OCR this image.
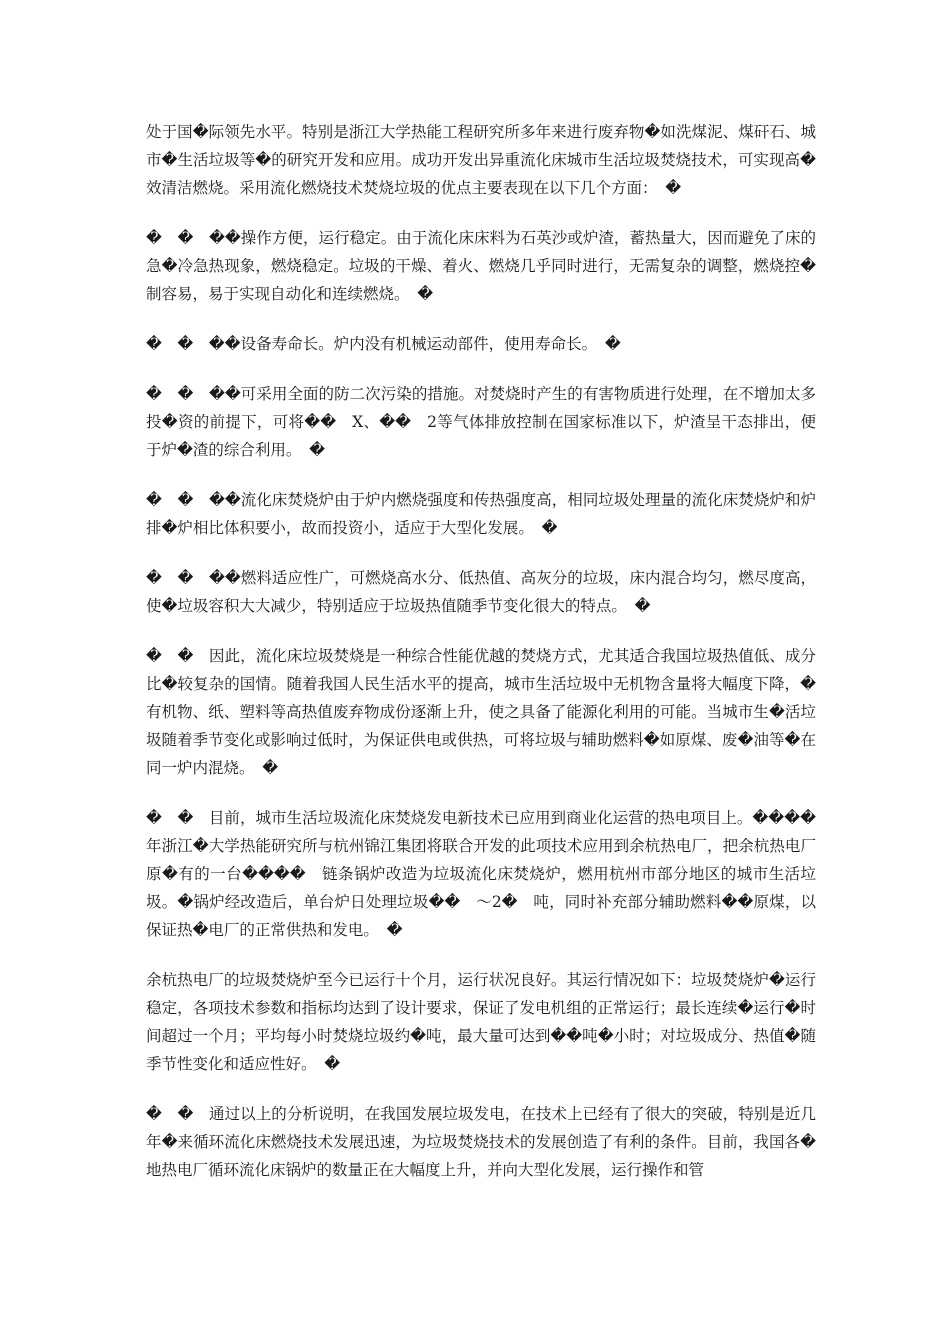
处于国�际领先水平。特别是浙江大学热能工程研究所多年来进行废弃物�如洗煤泥、煤矸石、城市�生活垃圾等�的研究开发和应用。成功开发出异重流化床城市生活垃圾焚烧技术，可实现高�效清洁燃烧。采用流化燃烧技术焚烧垃圾的优点主要表现在以下几个方面：　�

�　�　��操作方便，运行稳定。由于流化床床料为石英沙或炉渣，蓄热量大，因而避免了床的急�冷急热现象，燃烧稳定。垃圾的干燥、着火、燃烧几乎同时进行，无需复杂的调整，燃烧控�制容易，易于实现自动化和连续燃烧。　�

�　�　��设备寿命长。炉内没有机械运动部件，使用寿命长。　�

�　�　��可采用全面的防二次污染的措施。对焚烧时产生的有害物质进行处理，在不增加太多投�资的前提下，可将��　X、��　2等气体排放控制在国家标准以下，炉渣呈干态排出，便于炉�渣的综合利用。　�

�　�　��流化床焚烧炉由于炉内燃烧强度和传热强度高，相同垃圾处理量的流化床焚烧炉和炉排�炉相比体积要小，故而投资小，适应于大型化发展。　�

�　�　��燃料适应性广，可燃烧高水分、低热值、高灰分的垃圾，床内混合均匀，燃尽度高，使�垃圾容积大大减少，特别适应于垃圾热值随季节变化很大的特点。　�

�　�　因此，流化床垃圾焚烧是一种综合性能优越的焚烧方式，尤其适合我国垃圾热值低、成分比�较复杂的国情。随着我国人民生活水平的提高，城市生活垃圾中无机物含量将大幅度下降，�有机物、纸、塑料等高热值废弃物成份逐渐上升，使之具备了能源化利用的可能。当城市生�活垃圾随着季节变化或影响过低时，为保证供电或供热，可将垃圾与辅助燃料�如原煤、废�油等�在同一炉内混烧。　�

�　�　目前，城市生活垃圾流化床焚烧发电新技术已应用到商业化运营的热电项目上。����年浙江�大学热能研究所与杭州锦江集团将联合开发的此项技术应用到余杭热电厂，把余杭热电厂原�有的一台����　链条锅炉改造为垃圾流化床焚烧炉，燃用杭州市部分地区的城市生活垃圾。�锅炉经改造后，单台炉日处理垃圾��　～2�　吨，同时补充部分辅助燃料��原煤，以保证热�电厂的正常供热和发电。　�

余杭热电厂的垃圾焚烧炉至今已运行十个月，运行状况良好。其运行情况如下：垃圾焚烧炉�运行稳定，各项技术参数和指标均达到了设计要求，保证了发电机组的正常运行；最长连续�运行�时间超过一个月；平均每小时焚烧垃圾约�吨，最大量可达到��吨�小时；对垃圾成分、热值�随季节性变化和适应性好。　�

�　�　通过以上的分析说明，在我国发展垃圾发电，在技术上已经有了很大的突破，特别是近几年�来循环流化床燃烧技术发展迅速，为垃圾焚烧技术的发展创造了有利的条件。目前，我国各�地热电厂循环流化床锅炉的数量正在大幅度上升，并向大型化发展，运行操作和管
